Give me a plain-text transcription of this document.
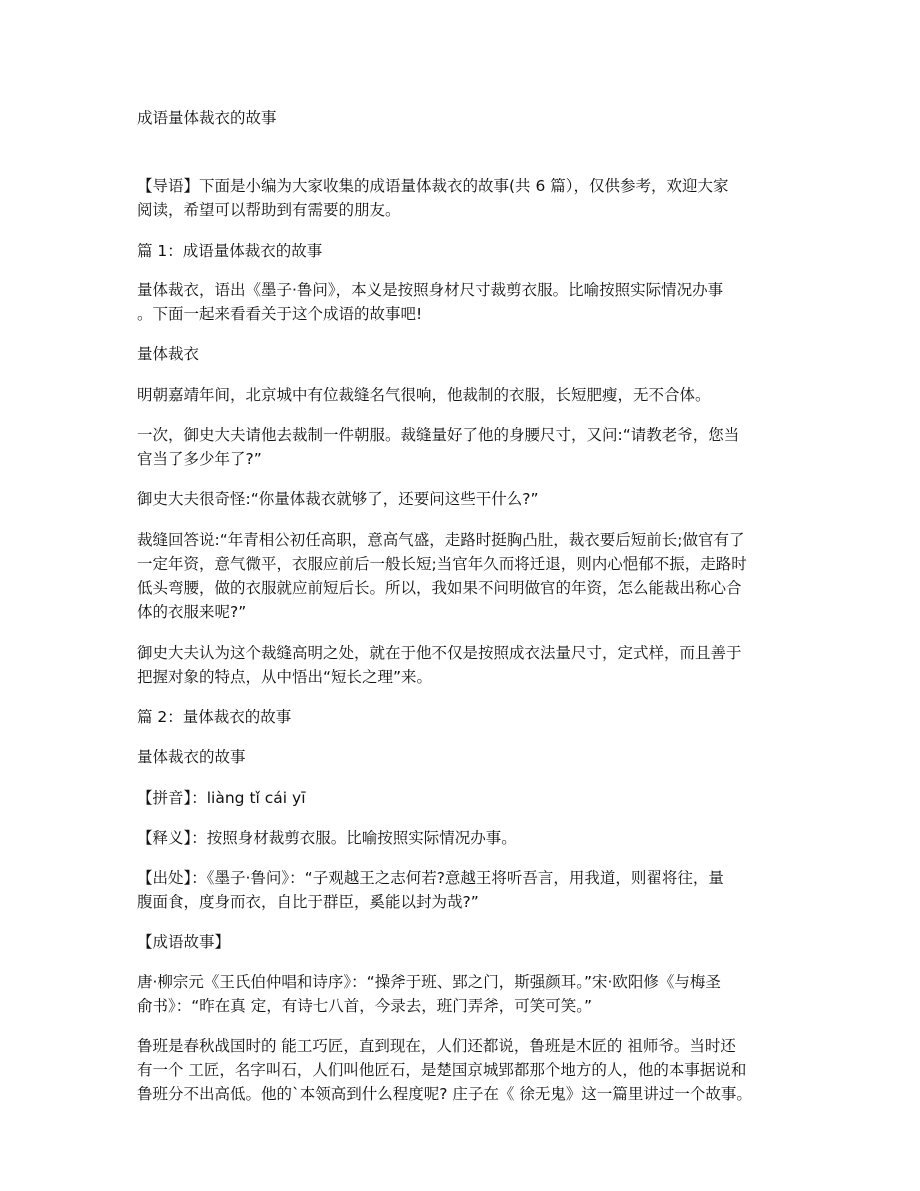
成语量体裁衣的故事
【导语】下面是小编为大家收集的成语量体裁衣的故事(共 6 篇），仅供参考，欢迎大家
阅读，希望可以帮助到有需要的朋友。
篇 1：成语量体裁衣的故事
量体裁衣，语出《墨子·鲁问》，本义是按照身材尺寸裁剪衣服。比喻按照实际情况办事
。下面一起来看看关于这个成语的故事吧!
量体裁衣
明朝嘉靖年间，北京城中有位裁缝名气很响，他裁制的衣服，长短肥瘦，无不合体。
一次，御史大夫请他去裁制一件朝服。裁缝量好了他的身腰尺寸，又问:“请教老爷，您当
官当了多少年了?”
御史大夫很奇怪:“你量体裁衣就够了，还要问这些干什么?”
裁缝回答说:“年青相公初任高职，意高气盛，走路时挺胸凸肚，裁衣要后短前长;做官有了
一定年资，意气微平，衣服应前后一般长短;当官年久而将迁退，则内心悒郁不振，走路时
低头弯腰，做的衣服就应前短后长。所以，我如果不问明做官的年资，怎么能裁出称心合
体的衣服来呢?”
御史大夫认为这个裁缝高明之处，就在于他不仅是按照成衣法量尺寸，定式样，而且善于
把握对象的特点，从中悟出“短长之理”来。
篇 2：量体裁衣的故事
量体裁衣的故事
【拼音】：liàng tǐ cái yī
【释义】：按照身材裁剪衣服。比喻按照实际情况办事。
【出处】：《墨子·鲁问》：“子观越王之志何若?意越王将听吾言，用我道，则翟将往，量
腹面食，度身而衣，自比于群臣，奚能以封为哉?”
【成语故事】
唐·柳宗元《王氏伯仲唱和诗序》：“操斧于班、郢之门，斯强颜耳。”宋·欧阳修《与梅圣
俞书》：“昨在真 定，有诗七八首，今录去，班门弄斧，可笑可笑。”
鲁班是春秋战国时的 能工巧匠，直到现在，人们还都说，鲁班是木匠的 祖师爷。当时还
有一个 工匠，名字叫石，人们叫他匠石，是楚国京城郢都那个地方的人，他的本事据说和
鲁班分不出高低。他的`本领高到什么程度呢? 庄子在《 徐无鬼》这一篇里讲过一个故事。
